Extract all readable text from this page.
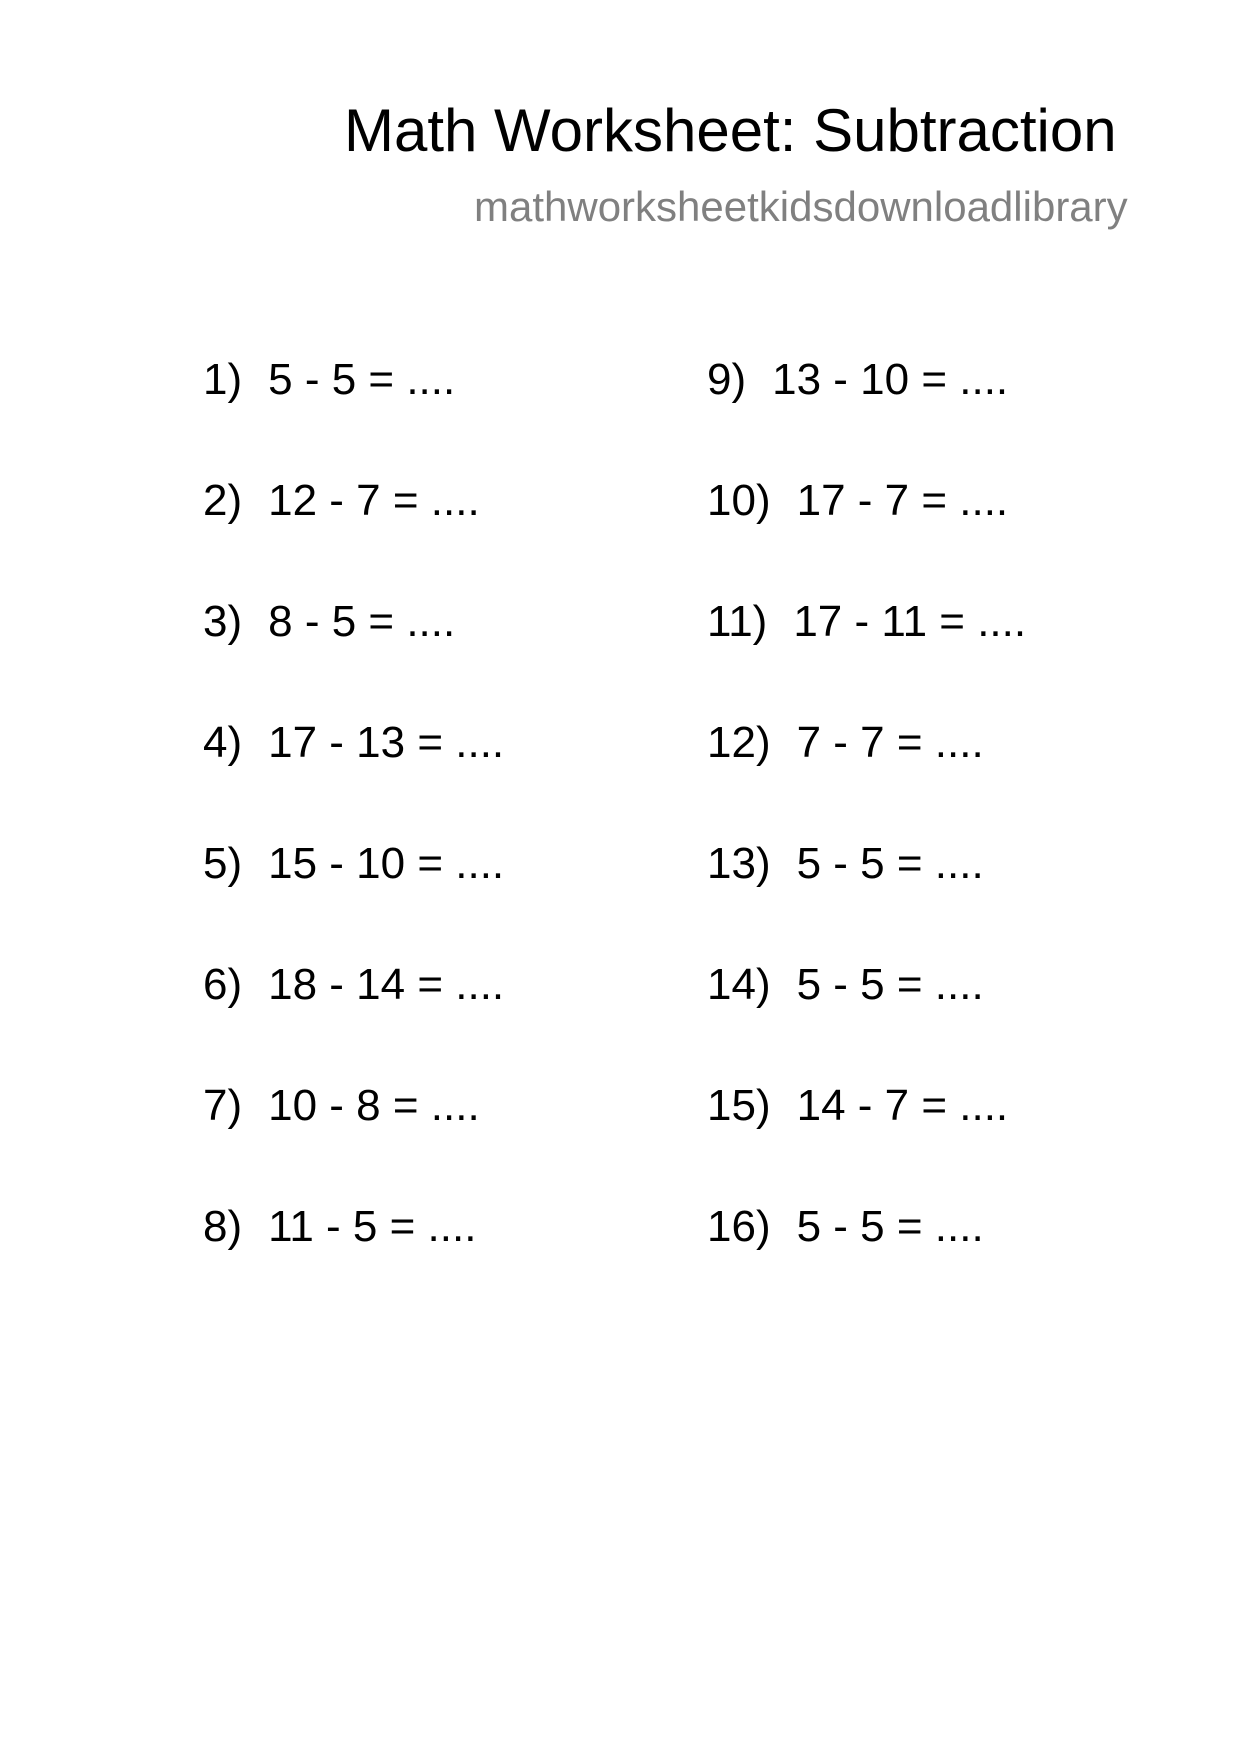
Math Worksheet: Subtraction
mathworksheetkidsdownloadlibrary
1) 5 - 5 = ....
2) 12 - 7 = ....
3) 8 - 5 = ....
4) 17 - 13 = ....
5) 15 - 10 = ....
6) 18 - 14 = ....
7) 10 - 8 = ....
8) 11 - 5 = ....
9) 13 - 10 = ....
10) 17 - 7 = ....
11) 17 - 11 = ....
12) 7 - 7 = ....
13) 5 - 5 = ....
14) 5 - 5 = ....
15) 14 - 7 = ....
16) 5 - 5 = ....
